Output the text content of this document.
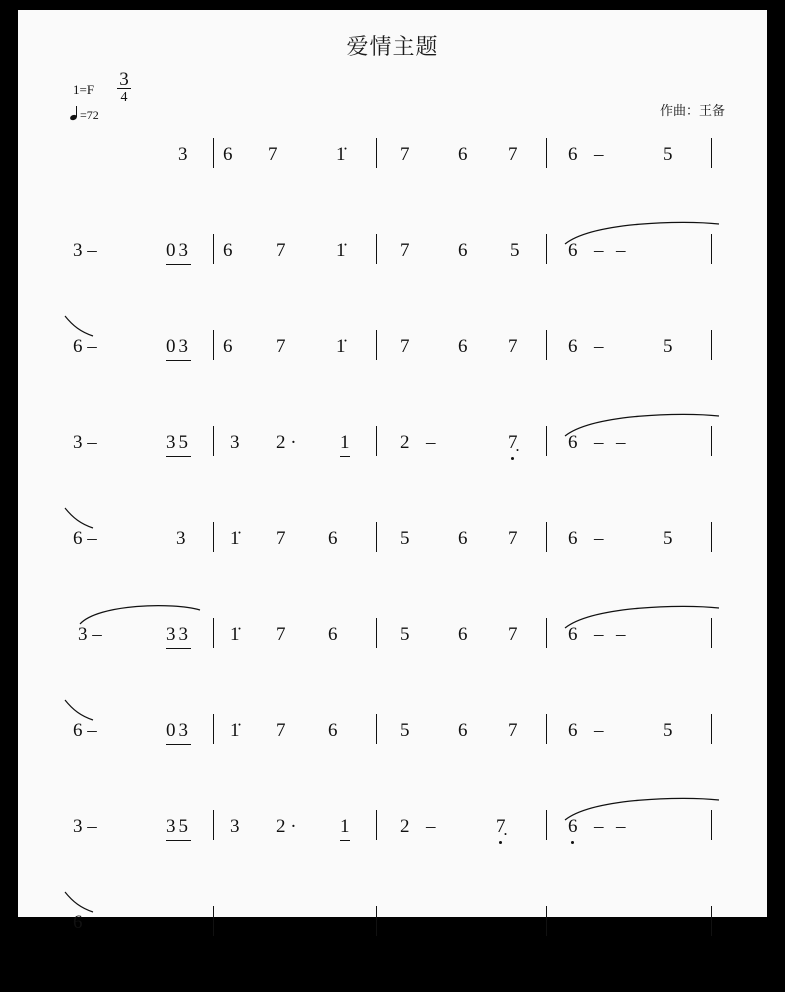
爱情主题
1=F	3
4
=72	作曲：王备
3 6 7	1̇	7	6 7	6 –	5
3 –	03 6 7	1̇	7	6 5	6 – –
6 –	03 6 7	1̇	7	6 7	6 –	5
3 –	35 3 2 · 1	2 –	7̣	6 – –
6 –	3 1̇ 7 6	5	6 7	6 –	5
3 –	33 1̇ 7 6	5	6 7	6 – –
6 –	03 1̇ 7 6	5	6 7	6 –	5
3 –	35 3 2 · 1	2 –	7̣	6 – –
6
